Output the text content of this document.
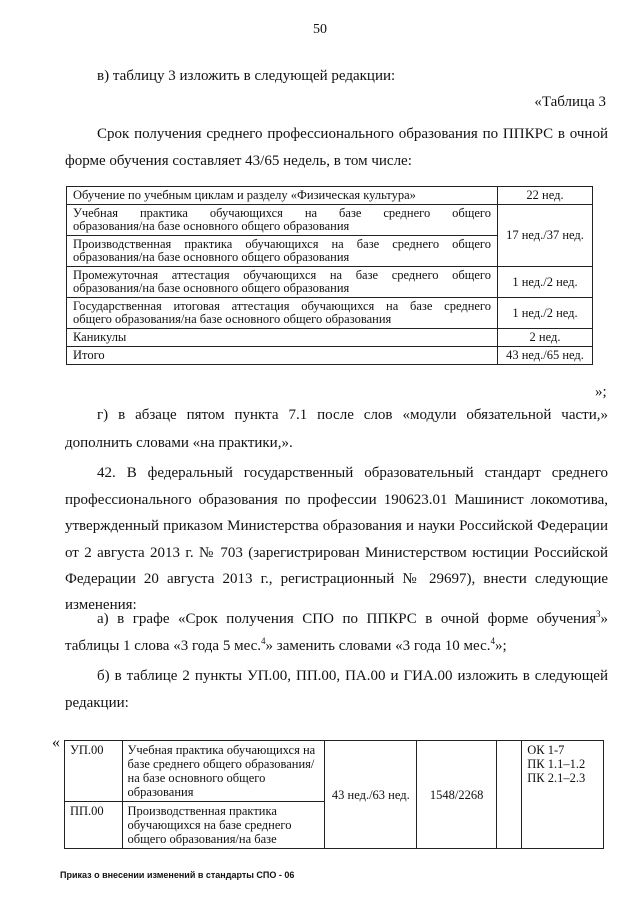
50
в) таблицу 3 изложить в следующей редакции:
«Таблица 3
Срок получения среднего профессионального образования по ППКРС в очной
форме обучения составляет 43/65 недель, в том числе:
Обучение по учебным циклам и разделу «Физическая культура»	22 нед.

Учебная практика обучающихся на базе среднего общего
образования/на базе основного общего образования	17 нед./37 нед.

Производственная практика обучающихся на базе среднего общего
образования/на базе основного общего образования	

Промежуточная аттестация обучающихся на базе среднего общего
образования/на базе основного общего образования	1 нед./2 нед.

Государственная итоговая аттестация обучающихся на базе среднего
общего образования/на базе основного общего образования	1 нед./2 нед.
Каникулы	2 нед.
Итого	43 нед./65 нед.
»;
г) в абзаце пятом пункта 7.1 после слов «модули обязательной части,»
дополнить словами «на практики,».
42. В федеральный государственный образовательный стандарт среднего
профессионального образования по профессии 190623.01 Машинист локомотива,
утвержденный приказом Министерства образования и науки Российской Федерации
от 2 августа 2013 г. № 703 (зарегистрирован Министерством юстиции Российской
Федерации 20 августа 2013 г., регистрационный № 29697), внести следующие
изменения:
а) в графе «Срок получения СПО по ППКРС в очной форме обучения$^3$»
таблицы 1 слова «3 года 5 мес.$^4$» заменить словами «3 года 10 мес.$^4$»;
б) в таблице 2 пункты УП.00, ПП.00, ПА.00 и ГИА.00 изложить в следующей
редакции:
« УП.00	Учебная практика обучающихся на базе среднего общего образования/на базе основного общего образования	43 нед./63 нед.	1548/2268		ОК 1-7
ПК 1.1–1.2
ПК 2.1–2.3

ПП.00	Производственная практика обучающихся на базе среднего общего образования/на базе				
Приказ о внесении изменений в стандарты СПО - 06
